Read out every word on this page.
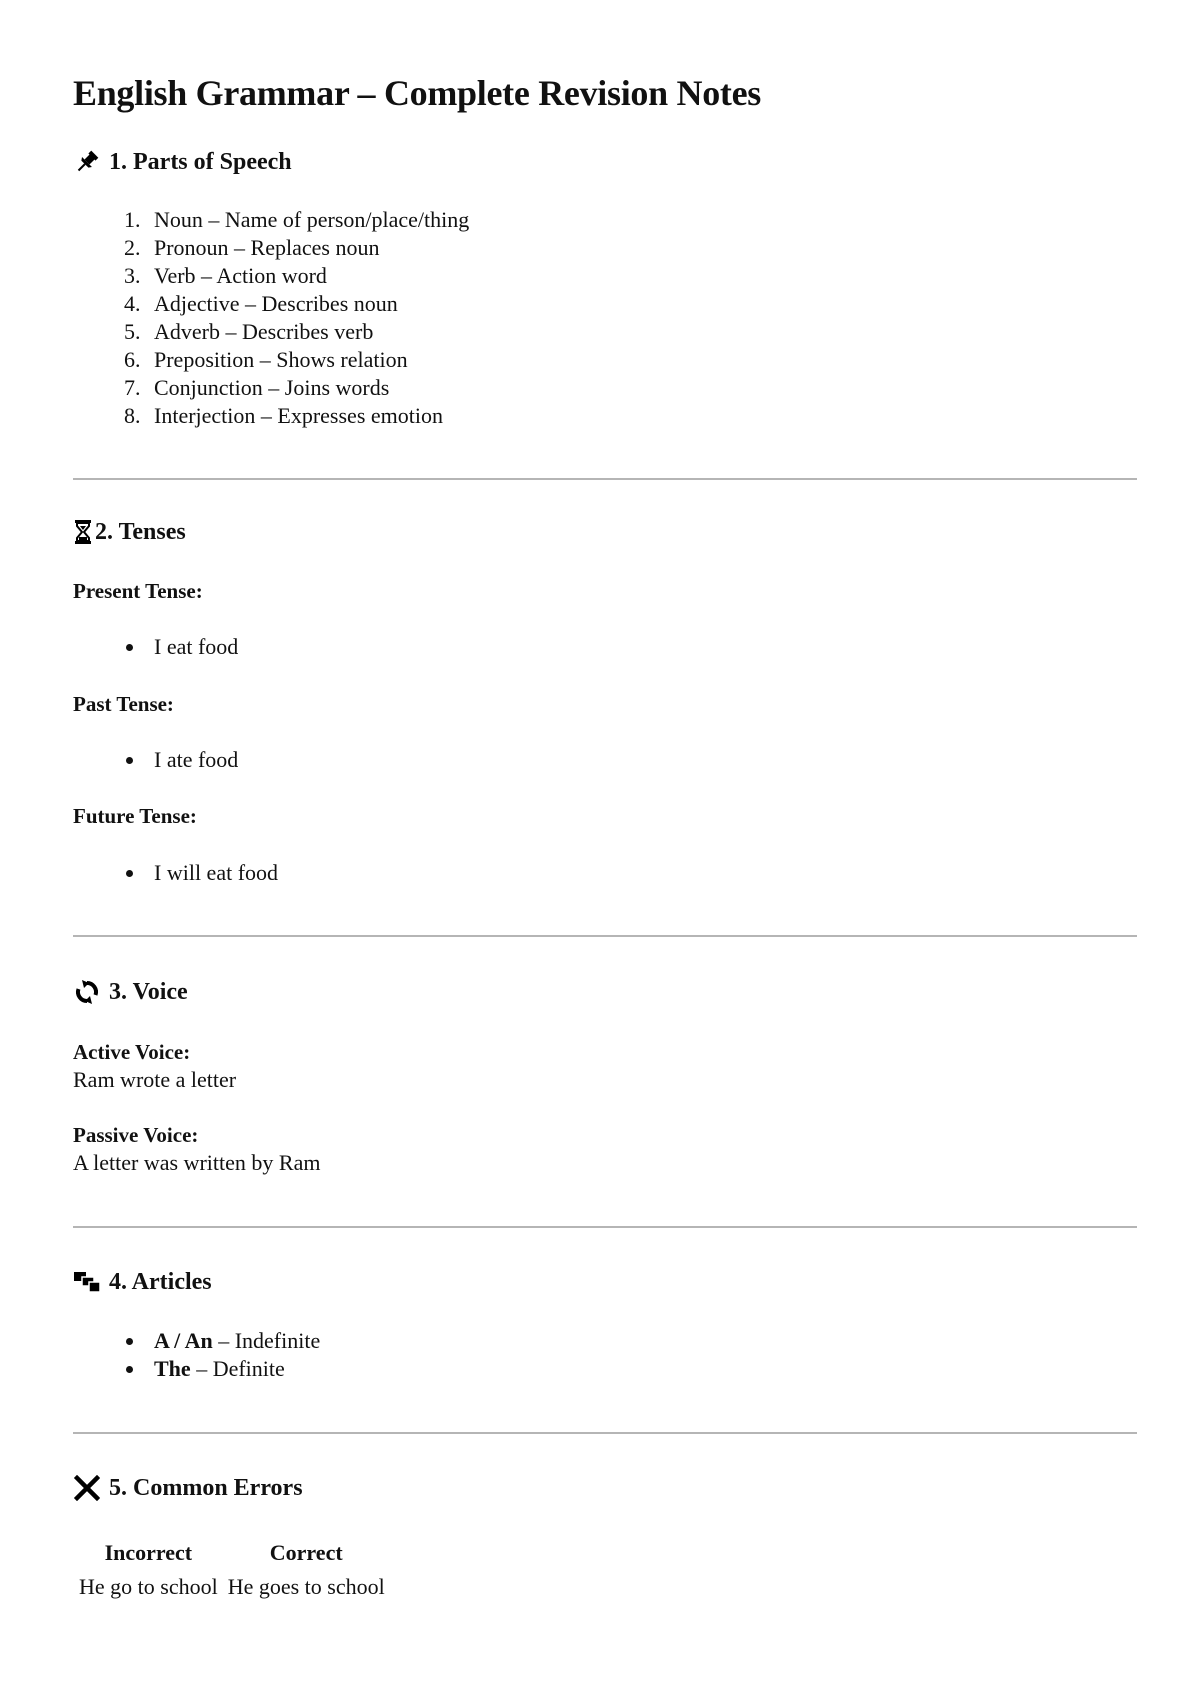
English Grammar – Complete Revision Notes
1. Parts of Speech
1. Noun – Name of person/place/thing
2. Pronoun – Replaces noun
3. Verb – Action word
4. Adjective – Describes noun
5. Adverb – Describes verb
6. Preposition – Shows relation
7. Conjunction – Joins words
8. Interjection – Expresses emotion
2. Tenses

Present Tense:

• I eat food

Past Tense:

• I ate food

Future Tense:

• I will eat food
3. Voice
Active Voice:
Ram wrote a letter
Passive Voice:
A letter was written by Ram
4. Articles
• A / An – Indefinite
• The – Definite
5. Common Errors
Incorrect	Correct
He go to school	He goes to school
